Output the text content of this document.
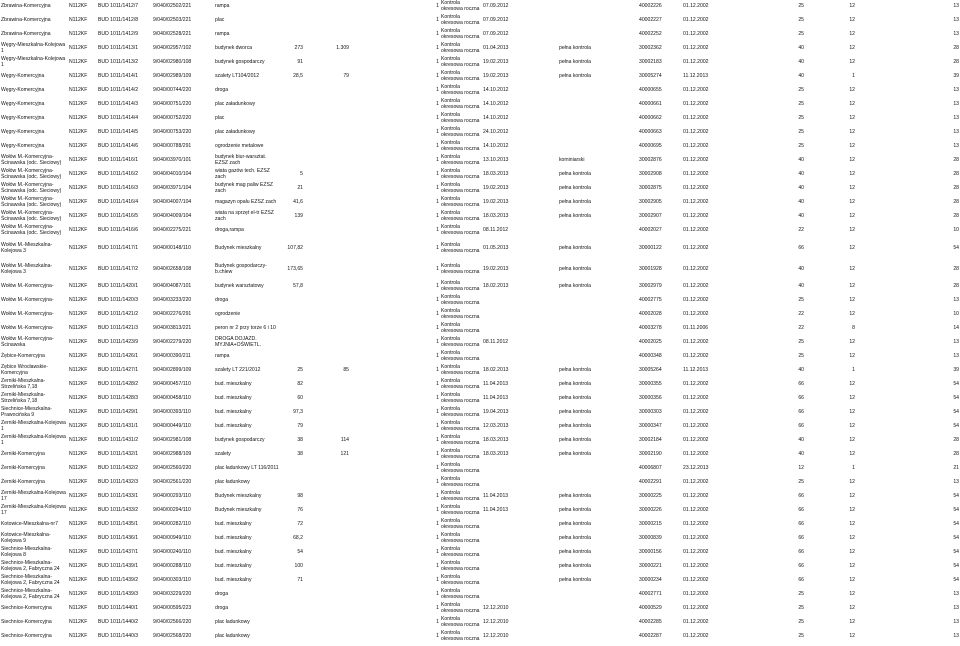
Zbrawina-Komercyjna	N112KF	BUD 1011/1412/7	9/040/02502/221	rampa				1	Kontrola okresowa rocznа	07.09.2012			40002226	01.12.2002	25	12	13
Zbrawina-Komercyjna	N112KF	BUD 1011/1412/8	9/040/02503/221	plac				1	Kontrola okresowa roczna	07.09.2012			40002227	01.12.2002	25	12	13
Zbrawina-Komercyjna	N112KF	BUD 1011/1412/9	9/040/02528/221	rampa				1	Kontrola okresowa roczna	07.09.2012			40002252	01.12.2002	25	12	13
Węgry-Mieszkalna-Kolejowa 1	N112KF	BUD 1011/1413/1	9/040/02957/102	budynek dworca	273	1.309		1	Kontrola okresowa roczna	01.04.2013		pełna kontrola	30002362	01.12.2002	40	12	28
Węgry-Mieszkalna-Kolejowa 1	N112KF	BUD 1011/1413/2	9/040/02980/108	budynek gospodarczy	91			1	Kontrola okresowa roczna	19.02.2013		pełna kontrola	30002183	01.12.2002	40	12	28
Węgry-Komercyjna	N112KF	BUD 1011/1414/1	9/040/02989/109	szalety LT104/2012	28,5	79		1	Kontrola okresowa roczna	19.02.2013		pełna kontrola	30005274	11.12.2013	40	1	39
Węgry-Komercyjna	N112KF	BUD 1011/1414/2	9/040/00744/220	droga				1	Kontrola okresowa roczna	14.10.2012			40000655	01.12.2002	25	12	13
Węgry-Komercyjna	N112KF	BUD 1011/1414/3	9/040/00751/220	plac załadunkowy				1	Kontrola okresowa roczna	14.10.2012			40000661	01.12.2002	25	12	13
Węgry-Komercyjna	N112KF	BUD 1011/1414/4	9/040/00752/220	plac				1	Kontrola okresowa roczna	14.10.2012			40000662	01.12.2002	25	12	13
Węgry-Komercyjna	N112KF	BUD 1011/1414/5	9/040/00753/220	plac załadunkowy				1	Kontrola okresowa roczna	24.10.2012			40000663	01.12.2002	25	12	13
Węgry-Komercyjna	N112KF	BUD 1011/1414/6	9/040/00788/291	ogrodzenie metalowe				1	Kontrola okresowa roczna	14.10.2012			40000695	01.12.2002	25	12	13
Wołów M.-Komercyjna-Ścinawska (odc. Sieciowy)	N112KF	BUD 1011/1416/1	9/040/03970/101	budynek biur-warsztat. EZSZ zach				1	Kontrola okresowa roczna	13.10.2013		kominiarski	30002876	01.12.2002	40	12	28
Wołów M.-Komercyjna-Ścinawska (odc. Sieciowy)	N112KF	BUD 1011/1416/2	9/040/04010/104	wiata gazów tech. EZSZ zach	5			1	Kontrola okresowa roczna	18.03.2013		pełna kontrola	30002908	01.12.2002	40	12	28
Wołów M.-Komercyjna-Ścinawska (odc. Sieciowy)	N112KF	BUD 1011/1416/3	9/040/03971/104	budynek mag paliw EZSZ zach	21			1	Kontrola okresowa roczna	19.02.2013		pełna kontrola	30002875	01.12.2002	40	12	28
Wołów M.-Komercyjna-Ścinawska (odc. Sieciowy)	N112KF	BUD 1011/1416/4	9/040/04007/104	magazyn opału EZSZ zach	41,6			1	Kontrola okresowa roczna	19.02.2013		pełna kontrola	30002905	01.12.2002	40	12	28
Wołów M.-Komercyjna-Ścinawska (odc. Sieciowy)	N112KF	BUD 1011/1416/5	9/040/04009/104	wiata na sprzęt el-tr EZSZ zach	139			1	Kontrola okresowa roczna	18.03.2013		pełna kontrola	30002907	01.12.2002	40	12	28
Wołów M.-Komercyjna-Ścinawska (odc. Sieciowy)	N112KF	BUD 1011/1416/6	9/040/02275/221	droga,rampa				1	Kontrola okresowa roczna	08.11.2012			40002027	01.12.2002	22	12	10
Wołów M.-Mieszkalna-Kolejowa 3	N112KF	BUD 1011/1417/1	9/040/00148/110	Budynek mieszkalny	107,82			1	Kontrola okresowa roczna	01.05.2013		pełna kontrola	30000122	01.12.2002	66	12	54
Wołów M.-Mieszkalna-Kolejowa 3	N112KF	BUD 1011/1417/2	9/040/02658/108	Budynek gospodarczy-b.chlew	173,65			1	Kontrola okresowa roczna	19.02.2013		pełna kontrola	30001928	01.12.2002	40	12	28
Wołów M.-Komercyjna-	N112KF	BUD 1011/1420/1	9/040/04087/101	budynek warsztatowy	57,8			1	Kontrola okresowa roczna	18.02.2013		pełna kontrola	30002979	01.12.2002	40	12	28
Wołów M.-Komercyjna-	N112KF	BUD 1011/1420/3	9/040/03233/220	droga				1	Kontrola okresowa roczna				40002775	01.12.2002	25	12	13
Wołów M.-Komercyjna-	N112KF	BUD 1011/1421/2	9/040/02276/291	ogrodzenie				1	Kontrola okresowa roczna				40002028	01.12.2002	22	12	10
Wołów M.-Komercyjna-	N112KF	BUD 1011/1421/3	9/040/03813/221	peron nr 2 przy torze 6 i 10				1	Kontrola okresowa roczna				40003278	01.11.2006	22	8	14
Wołów M.-Komercyjna-Ścinawska	N112KF	BUD 1011/1423/9	9/040/02279/220	DROGA DOJAZD. MYJNIA+OŚWIETL.				1	Kontrola okresowa roczna	08.11.2012			40002025	01.12.2002	25	12	13
Żębice-Komercyjna	N112KF	BUD 1011/1426/1	9/040/00390/211	rampa				1	Kontrola okresowa roczna				40000348	01.12.2002	25	12	13
Żębice Wrocławskie-Komercyjna	N112KF	BUD 1011/1427/1	9/040/02899/109	szalety LT 221/2012	25	85		1	Kontrola okresowa roczna	18.02.2013		pełna kontrola	30005264	11.12.2013	40	1	39
Żerniki-Mieszkalna-Strzelińska 7,18	N112KF	BUD 1011/1428/2	9/040/00457/110	bud. mieszkalny	82			1	Kontrola okresowa roczna	11.04.2013		pełna kontrola	30000355	01.12.2002	66	12	54
Żerniki-Mieszkalna-Strzelińska 7,18	N112KF	BUD 1011/1428/3	9/040/00458/110	bud. mieszkalny	60			1	Kontrola okresowa roczna	11.04.2013		pełna kontrola	30000356	01.12.2002	66	12	54
Siechnice-Mieszkalna-Prawocińska 9	N112KF	BUD 1011/1429/1	9/040/00393/110	bud. mieszkalny	97,3			1	Kontrola okresowa roczna	19.04.2013		pełna kontrola	30000303	01.12.2002	66	12	54
Żerniki-Mieszkalna-Kolejowa 1	N112KF	BUD 1011/1431/1	9/040/00449/110	bud. mieszkalny	79			1	Kontrola okresowa roczna	12.03.2013		pełna kontrola	30000347	01.12.2002	66	12	54
Żerniki-Mieszkalna-Kolejowa 1	N112KF	BUD 1011/1431/2	9/040/02981/108	budynek gospodarczy	38	114		1	Kontrola okresowa roczna	18.03.2013		pełna kontrola	30002184	01.12.2002	40	12	28
Żerniki-Komercyjna	N112KF	BUD 1011/1432/1	9/040/02988/109	szalety	38	121		1	Kontrola okresowa roczna	18.03.2013		pełna kontrola	30002190	01.12.2002	40	12	28
Żerniki-Komercyjna	N112KF	BUD 1011/1432/2	9/040/02560/220	plac ładunkowy LT 116/2011				1	Kontrola okresowa roczna				40006807	23.12.2013	12	1	21
Żerniki-Komercyjna	N112KF	BUD 1011/1432/3	9/040/02561/220	plac ładunkowy				1	Kontrola okresowa roczna				40002291	01.12.2002	25	12	13
Żerniki-Mieszkalna-Kolejowa 17	N112KF	BUD 1011/1433/1	9/040/00293/110	Budynek mieszkalny	98			1	Kontrola okresowa roczna	11.04.2013		pełna kontrola	30000225	01.12.2002	66	12	54
Żerniki-Mieszkalna-Kolejowa 17	N112KF	BUD 1011/1433/2	9/040/00294/110	Budynek mieszkalny	76			1	Kontrola okresowa roczna	11.04.2013		pełna kontrola	30000226	01.12.2002	66	12	54
Kotowice-Mieszkalna-nr7	N112KF	BUD 1011/1435/1	9/040/00282/110	bud. mieszkalny	72			1	Kontrola okresowa roczna			pełna kontrola	30000215	01.12.2002	66	12	54
Kotowice-Mieszkalna-Kolejowa 9	N112KF	BUD 1011/1436/1	9/040/00949/110	bud. mieszkalny	68,2			1	Kontrola okresowa roczna			pełna kontrola	30000839	01.12.2002	66	12	54
Siechnice-Mieszkalna-Kolejowa 8	N112KF	BUD 1011/1437/1	9/040/00240/110	bud. mieszkalny	54			1	Kontrola okresowa roczna			pełna kontrola	30000156	01.12.2002	66	12	54
Siechnice-Mieszkalna-Kolejowa 2, Fabryczna 24	N112KF	BUD 1011/1439/1	9/040/00288/110	bud. mieszkalny	100			1	Kontrola okresowa roczna			pełna kontrola	30000221	01.12.2002	66	12	54
Siechnice-Mieszkalna-Kolejowa 2, Fabryczna 24	N112KF	BUD 1011/1439/2	9/040/00303/110	bud. mieszkalny	71			1	Kontrola okresowa roczna			pełna kontrola	30000234	01.12.2002	66	12	54
Siechnice-Mieszkalna-Kolejowa 2, Fabryczna 24	N112KF	BUD 1011/1439/3	9/040/03229/220	droga				1	Kontrola okresowa roczna				40002771	01.12.2002	25	12	13
Siechnice-Komercyjna	N112KF	BUD 1011/1440/1	9/040/00595/223	droga				1	Kontrola okresowa roczna	12.12.2010			40000529	01.12.2002	25	12	13
Siechnice-Komercyjna	N112KF	BUD 1011/1440/2	9/040/02566/220	plac ładunkowy				1	Kontrola okresowa roczna	12.12.2010			40002285	01.12.2002	25	12	13
Siechnice-Komercyjna	N112KF	BUD 1011/1440/3	9/040/02568/220	plac ładunkowy				1	Kontrola okresowa roczna	12.12.2010			40002287	01.12.2002	25	12	13
